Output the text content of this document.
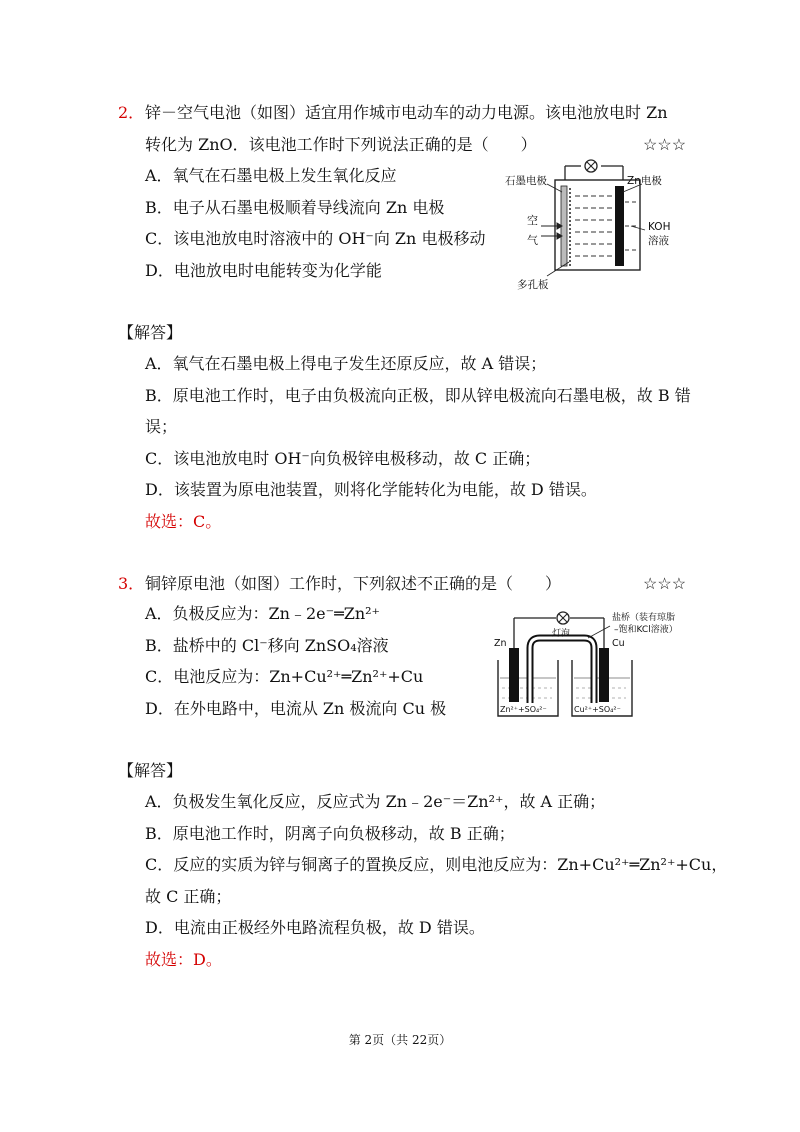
2． 锌－空气电池（如图）适宜用作城市电动车的动力电源。该电池放电时 Zn
转化为 ZnO．该电池工作时下列说法正确的是（　　）	☆☆☆
A．氧气在石墨电极上发生氧化反应
B．电子从石墨电极顺着导线流向 Zn 电极
C．该电池放电时溶液中的 OH⁻向 Zn 电极移动
D．电池放电时电能转变为化学能
石墨电极	Zn电极
空
气
KOH
溶液
多孔板
【解答】
A．氧气在石墨电极上得电子发生还原反应，故 A 错误；
B．原电池工作时，电子由负极流向正极，即从锌电极流向石墨电极，故 B 错
误；
C．该电池放电时 OH⁻向负极锌电极移动，故 C 正确；
D．该装置为原电池装置，则将化学能转化为电能，故 D 错误。
故选：C。
3． 铜锌原电池（如图）工作时，下列叙述不正确的是（　　）	☆☆☆
A．负极反应为：Zn﹣2e⁻═Zn²⁺
B．盐桥中的 Cl⁻移向 ZnSO₄溶液
C．电池反应为：Zn+Cu²⁺═Zn²⁺+Cu
D．在外电路中，电流从 Zn 极流向 Cu 极
Zn	Cu
灯泡
盐桥（装有琼脂
–饱和KCl溶液）
Zn²⁺+SO₄²⁻	Cu²⁺+SO₄²⁻
【解答】
A．负极发生氧化反应，反应式为 Zn﹣2e⁻＝Zn²⁺，故 A 正确；
B．原电池工作时，阴离子向负极移动，故 B 正确；
C．反应的实质为锌与铜离子的置换反应，则电池反应为：Zn+Cu²⁺═Zn²⁺+Cu，
故 C 正确；
D．电流由正极经外电路流程负极，故 D 错误。
故选：D。
第 2页（共 22页）
